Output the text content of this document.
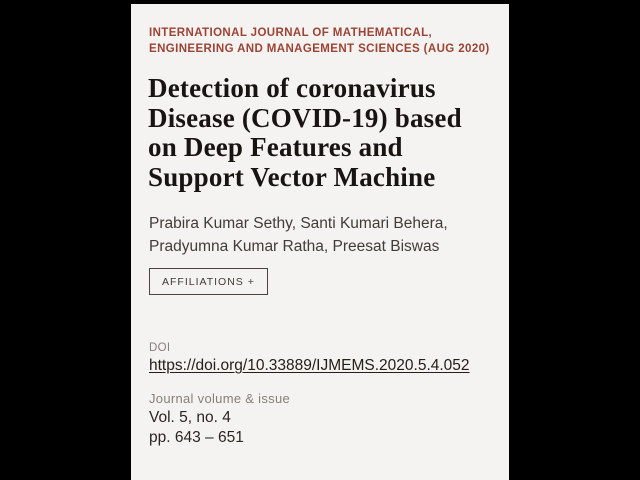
INTERNATIONAL JOURNAL OF MATHEMATICAL,
ENGINEERING AND MANAGEMENT SCIENCES (AUG 2020)
Detection of coronavirus
Disease (COVID-19) based
on Deep Features and
Support Vector Machine
Prabira Kumar Sethy, Santi Kumari Behera,
Pradyumna Kumar Ratha, Preesat Biswas
AFFILIATIONS +
DOI
https://doi.org/10.33889/IJMEMS.2020.5.4.052
Journal volume & issue
Vol. 5, no. 4
pp. 643 – 651
